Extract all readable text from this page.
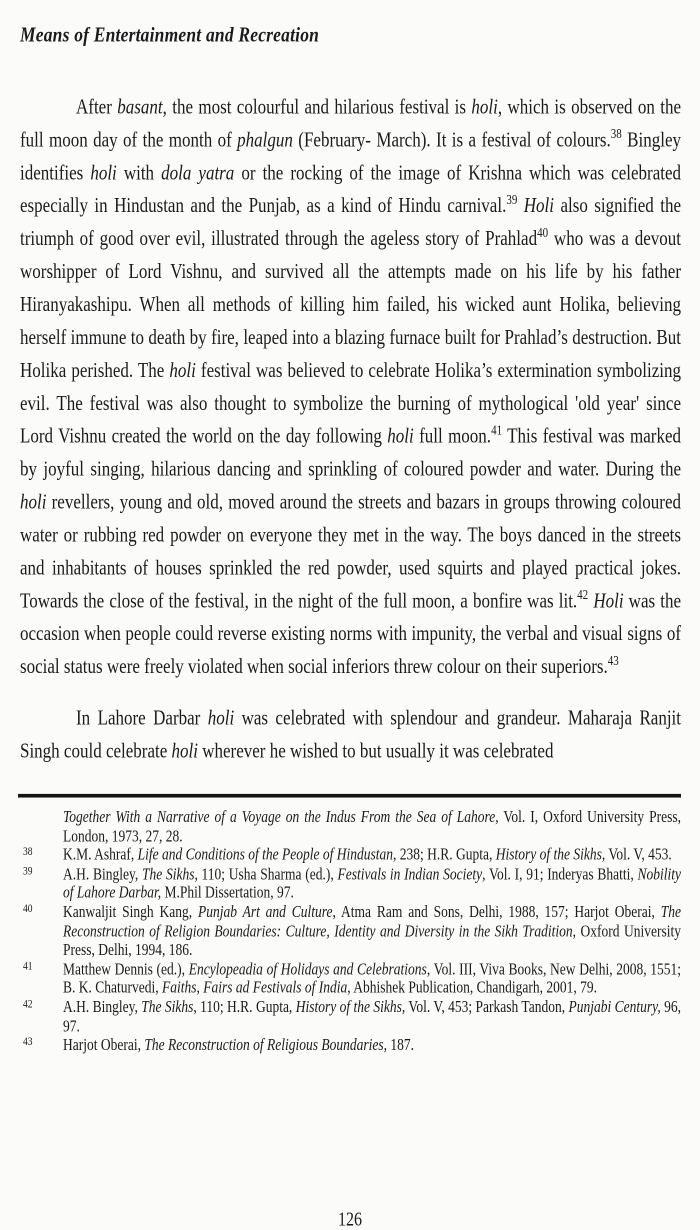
Means of Entertainment and Recreation

After basant, the most colourful and hilarious festival is holi, which is observed on the full moon day of the month of phalgun (February- March). It is a festival of colours.$^{38}$ Bingley identifies holi with dola yatra or the rocking of the image of Krishna which was celebrated especially in Hindustan and the Punjab, as a kind of Hindu carnival.$^{39}$ Holi also signified the triumph of good over evil, illustrated through the ageless story of Prahlad$^{40}$ who was a devout worshipper of Lord Vishnu, and survived all the attempts made on his life by his father Hiranyakashipu. When all methods of killing him failed, his wicked aunt Holika, believing herself immune to death by fire, leaped into a blazing furnace built for Prahlad’s destruction. But Holika perished. The holi festival was believed to celebrate Holika’s extermination symbolizing evil. The festival was also thought to symbolize the burning of mythological 'old year' since Lord Vishnu created the world on the day following holi full moon.$^{41}$ This festival was marked by joyful singing, hilarious dancing and sprinkling of coloured powder and water. During the holi revellers, young and old, moved around the streets and bazars in groups throwing coloured water or rubbing red powder on everyone they met in the way. The boys danced in the streets and inhabitants of houses sprinkled the red powder, used squirts and played practical jokes. Towards the close of the festival, in the night of the full moon, a bonfire was lit.$^{42}$ Holi was the occasion when people could reverse existing norms with impunity, the verbal and visual signs of social status were freely violated when social inferiors threw colour on their superiors.$^{43}$

In Lahore Darbar holi was celebrated with splendour and grandeur. Maharaja Ranjit Singh could celebrate holi wherever he wished to but usually it was celebrated

Together With a Narrative of a Voyage on the Indus From the Sea of Lahore, Vol. I, Oxford University Press, London, 1973, 27, 28.
38 K.M. Ashraf, Life and Conditions of the People of Hindustan, 238; H.R. Gupta, History of the Sikhs, Vol. V, 453.
39 A.H. Bingley, The Sikhs, 110; Usha Sharma (ed.), Festivals in Indian Society, Vol. I, 91; Inderyas Bhatti, Nobility of Lahore Darbar, M.Phil Dissertation, 97.
40 Kanwaljit Singh Kang, Punjab Art and Culture, Atma Ram and Sons, Delhi, 1988, 157; Harjot Oberai, The Reconstruction of Religion Boundaries: Culture, Identity and Diversity in the Sikh Tradition, Oxford University Press, Delhi, 1994, 186.
41 Matthew Dennis (ed.), Encylopeadia of Holidays and Celebrations, Vol. III, Viva Books, New Delhi, 2008, 1551; B. K. Chaturvedi, Faiths, Fairs ad Festivals of India, Abhishek Publication, Chandigarh, 2001, 79.
42 A.H. Bingley, The Sikhs, 110; H.R. Gupta, History of the Sikhs, Vol. V, 453; Parkash Tandon, Punjabi Century, 96, 97.
43 Harjot Oberai, The Reconstruction of Religious Boundaries, 187.
126
